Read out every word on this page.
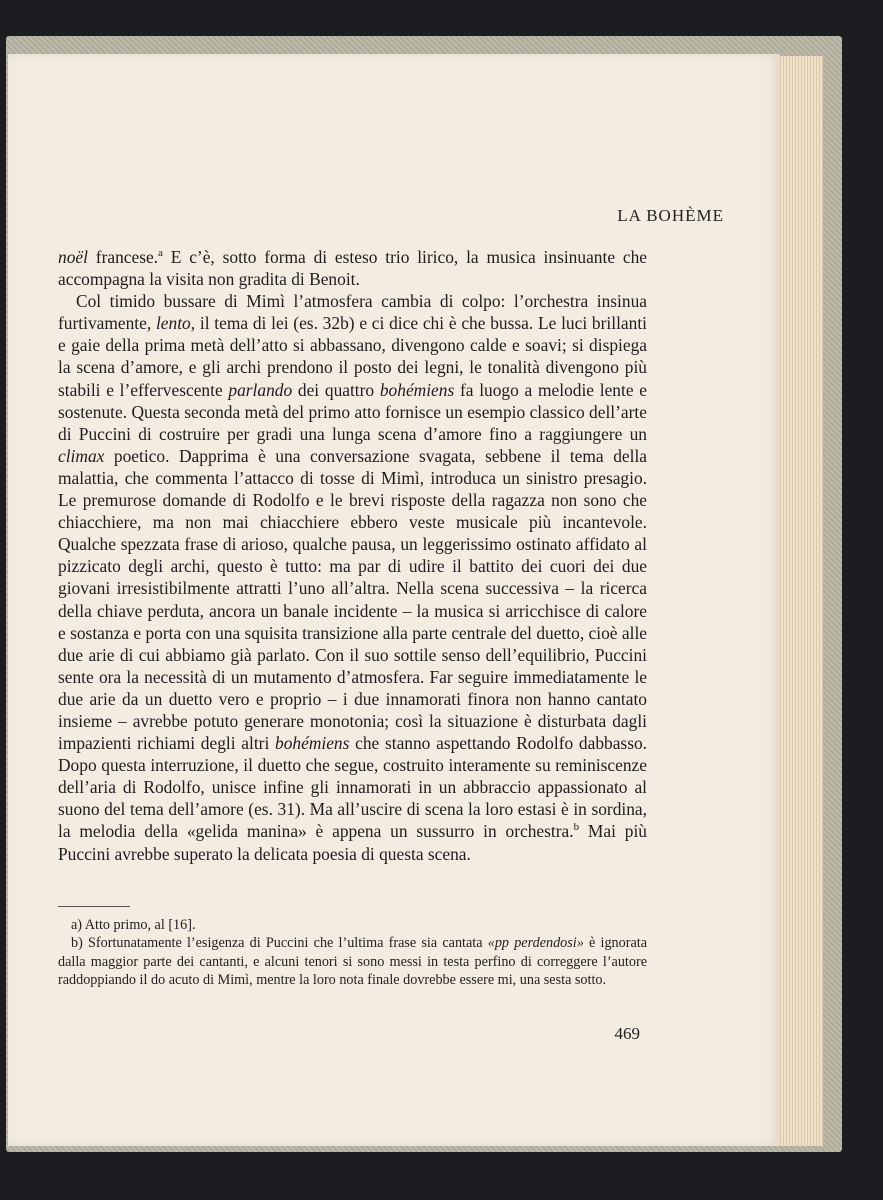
LA BOHÈME

noël francese.$^a$ E c’è, sotto forma di esteso trio lirico, la musica insinuante che accompagna la visita non gradita di Benoit.

Col timido bussare di Mimì l’atmosfera cambia di colpo: l’orchestra insinua furtivamente, lento, il tema di lei (es. 32b) e ci dice chi è che bussa. Le luci brillanti e gaie della prima metà dell’atto si abbassano, divengono calde e soavi; si dispiega la scena d’amore, e gli archi prendono il posto dei legni, le tonalità divengono più stabili e l’effervescente parlando dei quattro bohémiens fa luogo a melodie lente e sostenute. Questa seconda metà del primo atto fornisce un esempio classico dell’arte di Puccini di costruire per gradi una lunga scena d’amore fino a raggiungere un climax poetico. Dapprima è una conversazione svagata, sebbene il tema della malattia, che commenta l’attacco di tosse di Mimì, introduca un sinistro presagio. Le premurose domande di Rodolfo e le brevi risposte della ragazza non sono che chiacchiere, ma non mai chiacchiere ebbero veste musicale più incantevole. Qualche spezzata frase di arioso, qualche pausa, un leggerissimo ostinato affidato al pizzicato degli archi, questo è tutto: ma par di udire il battito dei cuori dei due giovani irresistibilmente attratti l’uno all’altra. Nella scena successiva – la ricerca della chiave perduta, ancora un banale incidente – la musica si arricchisce di calore e sostanza e porta con una squisita transizione alla parte centrale del duetto, cioè alle due arie di cui abbiamo già parlato. Con il suo sottile senso dell’equilibrio, Puccini sente ora la necessità di un mutamento d’atmosfera. Far seguire immediatamente le due arie da un duetto vero e proprio – i due innamorati finora non hanno cantato insieme – avrebbe potuto generare monotonia; così la situazione è disturbata dagli impazienti richiami degli altri bohémiens che stanno aspettando Rodolfo dabbasso. Dopo questa interruzione, il duetto che segue, costruito interamente su reminiscenze dell’aria di Rodolfo, unisce infine gli innamorati in un abbraccio appassionato al suono del tema dell’amore (es. 31). Ma all’uscire di scena la loro estasi è in sordina, la melodia della «gelida manina» è appena un sussurro in orchestra.$^b$ Mai più Puccini avrebbe superato la delicata poesia di questa scena.

a) Atto primo, al [16].

b) Sfortunatamente l’esigenza di Puccini che l’ultima frase sia cantata «pp perdendosi» è ignorata dalla maggior parte dei cantanti, e alcuni tenori si sono messi in testa perfino di correggere l’autore raddoppiando il do acuto di Mimì, mentre la loro nota finale dovrebbe essere mi, una sesta sotto.

469
